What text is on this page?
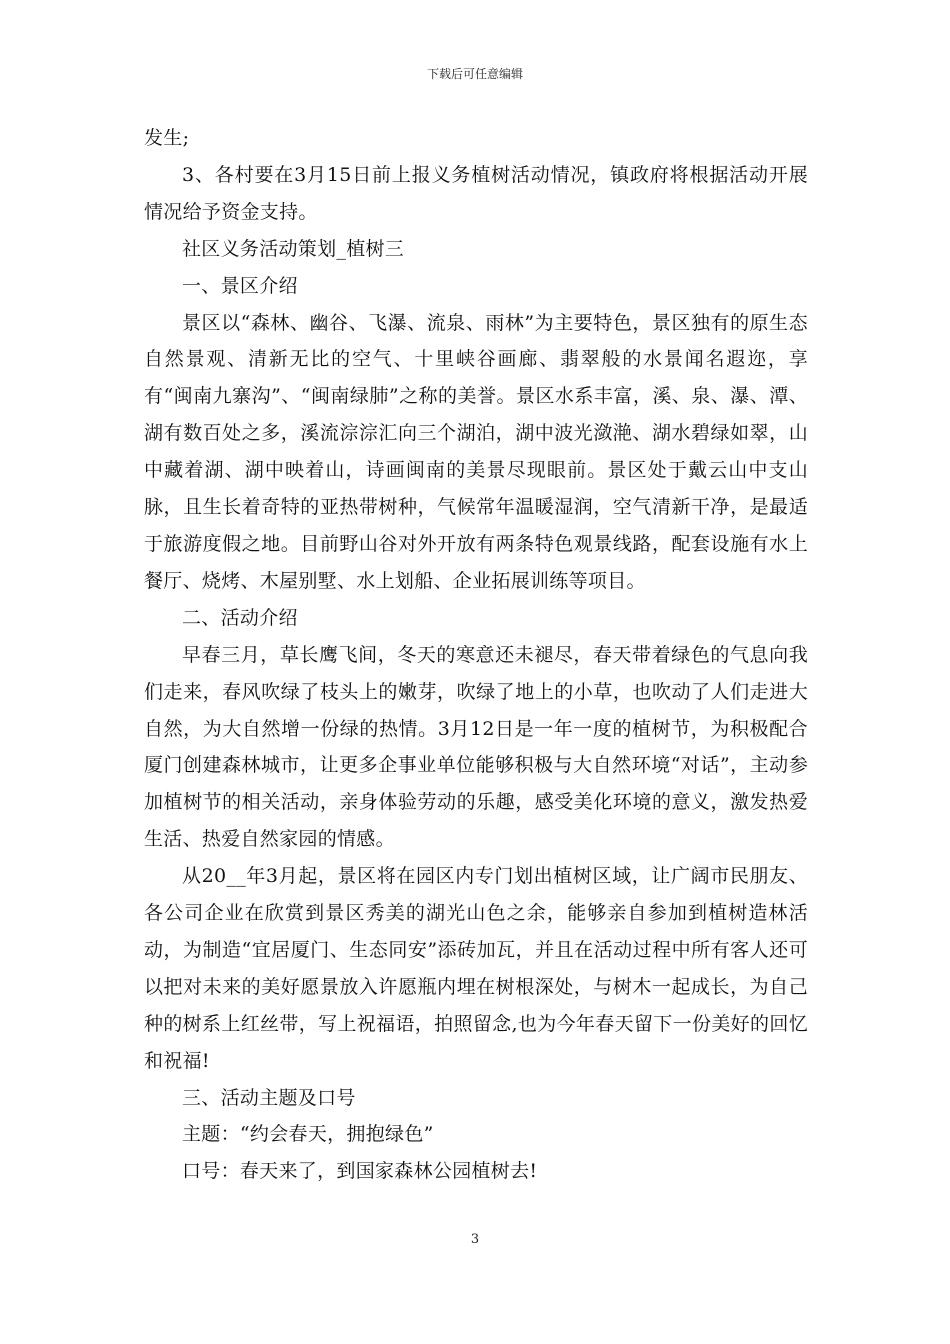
下载后可任意编辑

发生;

3、各村要在3月15日前上报义务植树活动情况，镇政府将根据活动开展情况给予资金支持。

社区义务活动策划_植树三

一、景区介绍

景区以“森林、幽谷、飞瀑、流泉、雨林”为主要特色，景区独有的原生态自然景观、清新无比的空气、十里峡谷画廊、翡翠般的水景闻名遐迩，享有“闽南九寨沟”、“闽南绿肺”之称的美誉。景区水系丰富，溪、泉、瀑、潭、湖有数百处之多，溪流淙淙汇向三个湖泊，湖中波光潋滟、湖水碧绿如翠，山中藏着湖、湖中映着山，诗画闽南的美景尽现眼前。景区处于戴云山中支山脉，且生长着奇特的亚热带树种，气候常年温暖湿润，空气清新干净，是最适于旅游度假之地。目前野山谷对外开放有两条特色观景线路，配套设施有水上餐厅、烧烤、木屋别墅、水上划船、企业拓展训练等项目。

二、活动介绍

早春三月，草长鹰飞间，冬天的寒意还未褪尽，春天带着绿色的气息向我们走来，春风吹绿了枝头上的嫩芽，吹绿了地上的小草，也吹动了人们走进大自然，为大自然增一份绿的热情。3月12日是一年一度的植树节，为积极配合厦门创建森林城市，让更多企事业单位能够积极与大自然环境“对话”，主动参加植树节的相关活动，亲身体验劳动的乐趣，感受美化环境的意义，激发热爱生活、热爱自然家园的情感。

从20__年3月起，景区将在园区内专门划出植树区域，让广阔市民朋友、各公司企业在欣赏到景区秀美的湖光山色之余，能够亲自参加到植树造林活动，为制造“宜居厦门、生态同安”添砖加瓦，并且在活动过程中所有客人还可以把对未来的美好愿景放入许愿瓶内埋在树根深处，与树木一起成长，为自己种的树系上红丝带，写上祝福语，拍照留念,也为今年春天留下一份美好的回忆和祝福!

三、活动主题及口号

主题：“约会春天，拥抱绿色”

口号：春天来了，到国家森林公园植树去!

3
